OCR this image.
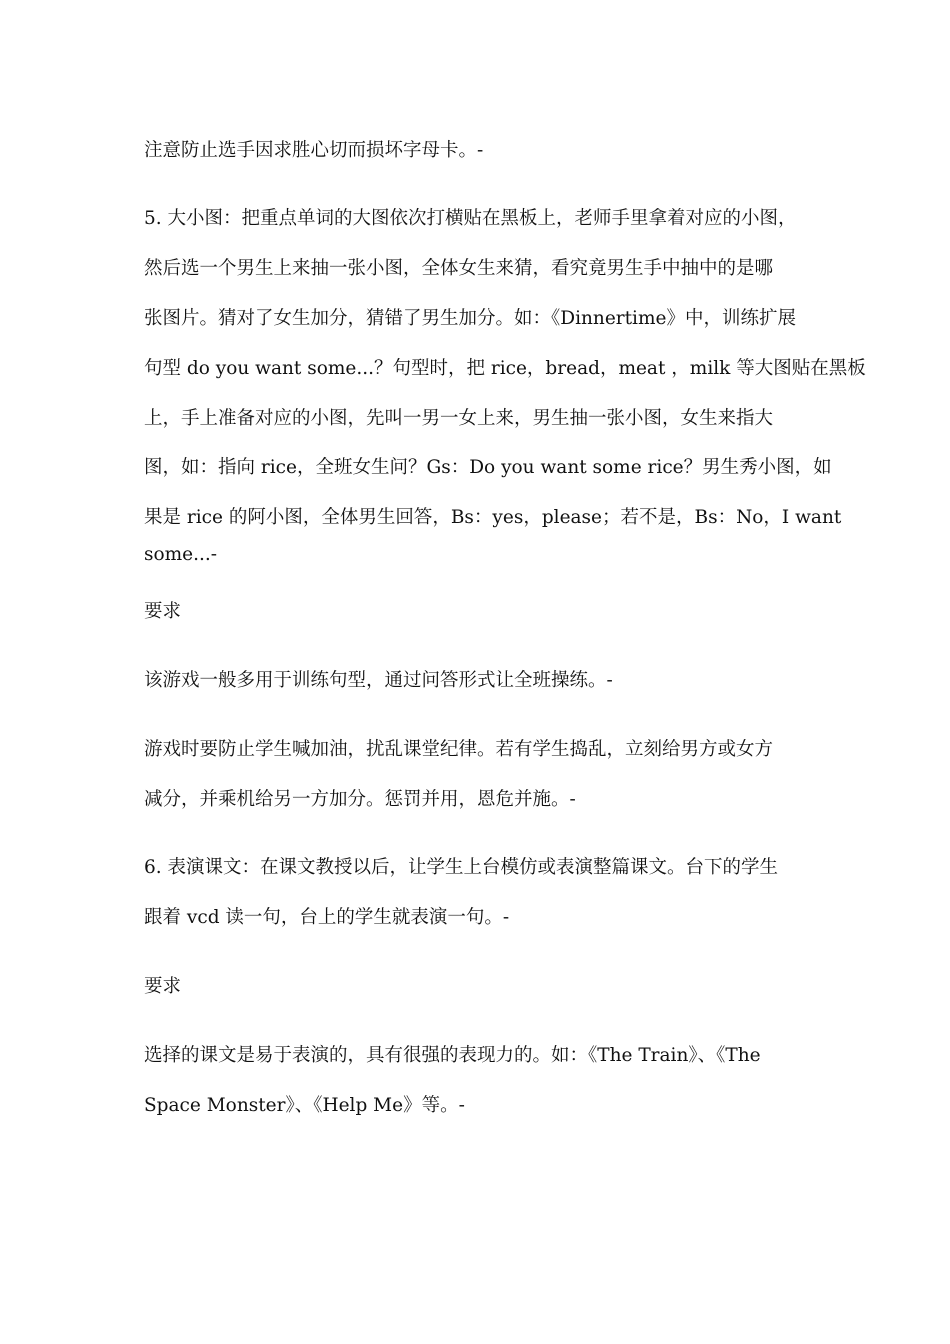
注意防止选手因求胜心切而损坏字母卡。-
5. 大小图：把重点单词的大图依次打横贴在黑板上，老师手里拿着对应的小图，
然后选一个男生上来抽一张小图，全体女生来猜，看究竟男生手中抽中的是哪
张图片。猜对了女生加分，猜错了男生加分。如：《Dinnertime》中，训练扩展
句型 do you want some...？句型时，把 rice，bread，meat ，milk 等大图贴在黑板
上，手上准备对应的小图，先叫一男一女上来，男生抽一张小图，女生来指大
图，如：指向 rice，全班女生问？Gs：Do you want some rice？男生秀小图，如
果是 rice 的阿小图，全体男生回答，Bs：yes，please；若不是，Bs：No，I want
some...-
要求
该游戏一般多用于训练句型，通过问答形式让全班操练。-
游戏时要防止学生喊加油，扰乱课堂纪律。若有学生捣乱，立刻给男方或女方
减分，并乘机给另一方加分。惩罚并用，恩危并施。-
6. 表演课文：在课文教授以后，让学生上台模仿或表演整篇课文。台下的学生
跟着 vcd 读一句，台上的学生就表演一句。-
要求
选择的课文是易于表演的，具有很强的表现力的。如：《The Train》、《The
Space Monster》、《Help Me》等。-
